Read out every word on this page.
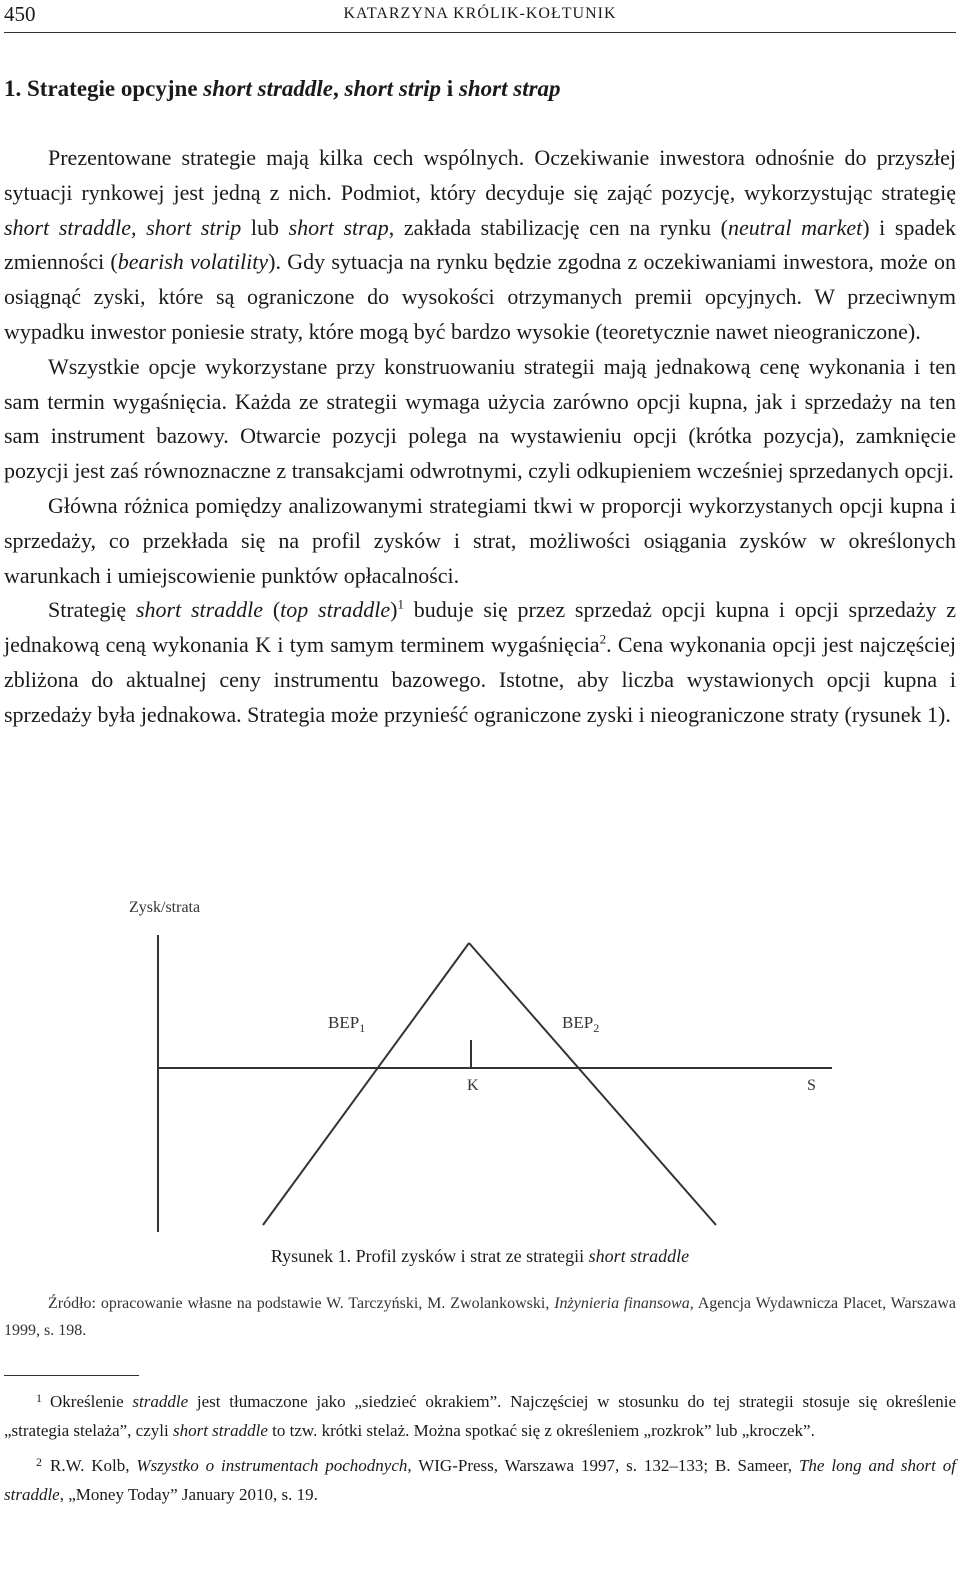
450	KATARZYNA KRÓLIK-KOŁTUNIK
1. Strategie opcyjne short straddle, short strip i short strap

Prezentowane strategie mają kilka cech wspólnych. Oczekiwanie inwestora odnośnie do przyszłej sytuacji rynkowej jest jedną z nich. Podmiot, który decyduje się zająć pozycję, wykorzystując strategię short straddle, short strip lub short strap, zakłada stabilizację cen na rynku (neutral market) i spadek zmienności (bearish volatility). Gdy sytuacja na rynku będzie zgodna z oczekiwaniami inwestora, może on osiągnąć zyski, które są ograniczone do wysokości otrzymanych premii opcyjnych. W przeciwnym wypadku inwestor poniesie straty, które mogą być bardzo wysokie (teoretycznie nawet nieograniczone).

Wszystkie opcje wykorzystane przy konstruowaniu strategii mają jednakową cenę wykonania i ten sam termin wygaśnięcia. Każda ze strategii wymaga użycia zarówno opcji kupna, jak i sprzedaży na ten sam instrument bazowy. Otwarcie pozycji polega na wystawieniu opcji (krótka pozycja), zamknięcie pozycji jest zaś równoznaczne z transakcjami odwrotnymi, czyli odkupieniem wcześniej sprzedanych opcji.

Główna różnica pomiędzy analizowanymi strategiami tkwi w proporcji wykorzystanych opcji kupna i sprzedaży, co przekłada się na profil zysków i strat, możliwości osiągania zysków w określonych warunkach i umiejscowienie punktów opłacalności.

Strategię short straddle (top straddle)$^1$ buduje się przez sprzedaż opcji kupna i opcji sprzedaży z jednakową ceną wykonania K i tym samym terminem wygaśnięcia$^2$. Cena wykonania opcji jest najczęściej zbliżona do aktualnej ceny instrumentu bazowego. Istotne, aby liczba wystawionych opcji kupna i sprzedaży była jednakowa. Strategia może przynieść ograniczone zyski i nieograniczone straty (rysunek 1).

Zysk/strata
S
K
$BEP_1$	$BEP_2$
Rysunek 1. Profil zysków i strat ze strategii short straddle

Źródło: opracowanie własne na podstawie W. Tarczyński, M. Zwolankowski, Inżynieria finansowa, Agencja Wydawnicza Placet, Warszawa 1999, s. 198.

$^1$ Określenie straddle jest tłumaczone jako „siedzieć okrakiem”. Najczęściej w stosunku do tej strategii stosuje się określenie „strategia stelaża”, czyli short straddle to tzw. krótki stelaż. Można spotkać się z określeniem „rozkrok” lub „kroczek”.

$^2$ R.W. Kolb, Wszystko o instrumentach pochodnych, WIG-Press, Warszawa 1997, s. 132–133; B. Sameer, The long and short of straddle, „Money Today” January 2010, s. 19.
